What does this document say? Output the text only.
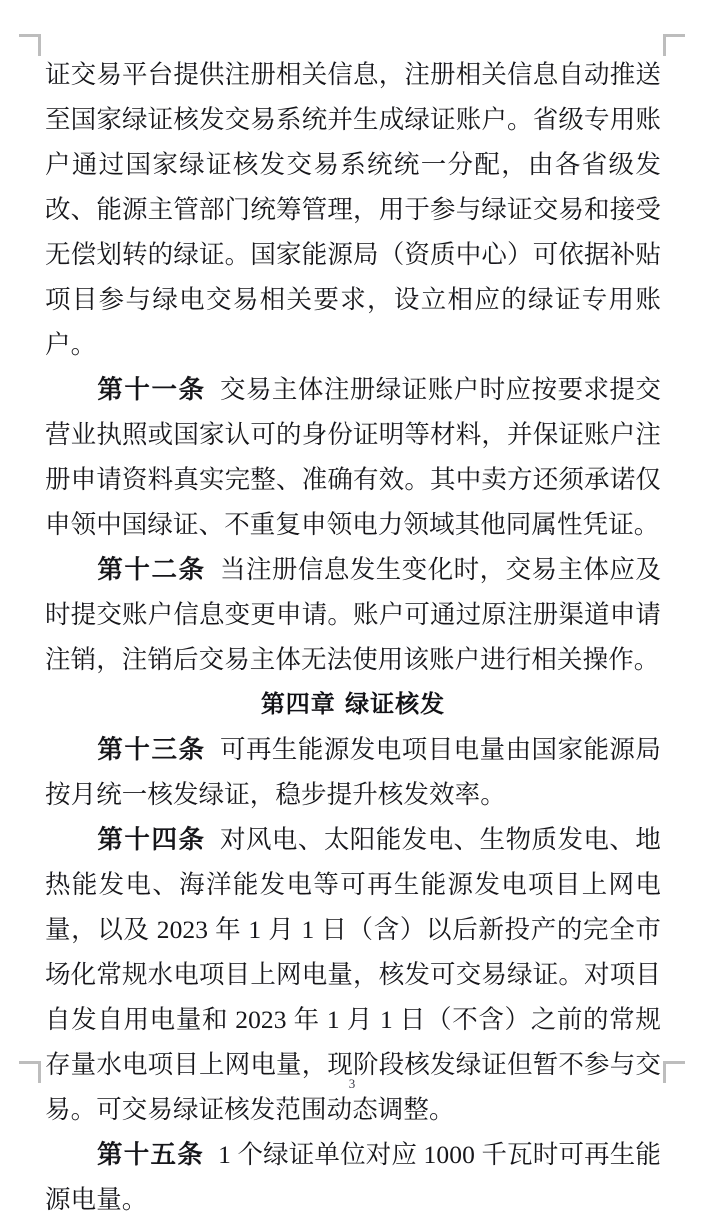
证交易平台提供注册相关信息，注册相关信息自动推送至国家绿证核发交易系统并生成绿证账户。省级专用账户通过国家绿证核发交易系统统一分配，由各省级发改、能源主管部门统筹管理，用于参与绿证交易和接受无偿划转的绿证。国家能源局（资质中心）可依据补贴项目参与绿电交易相关要求，设立相应的绿证专用账户。

第十一条 交易主体注册绿证账户时应按要求提交营业执照或国家认可的身份证明等材料，并保证账户注册申请资料真实完整、准确有效。其中卖方还须承诺仅申领中国绿证、不重复申领电力领域其他同属性凭证。

第十二条 当注册信息发生变化时，交易主体应及时提交账户信息变更申请。账户可通过原注册渠道申请注销，注销后交易主体无法使用该账户进行相关操作。

第四章 绿证核发

第十三条 可再生能源发电项目电量由国家能源局按月统一核发绿证，稳步提升核发效率。

第十四条 对风电、太阳能发电、生物质发电、地热能发电、海洋能发电等可再生能源发电项目上网电量，以及 2023 年 1 月 1 日（含）以后新投产的完全市场化常规水电项目上网电量，核发可交易绿证。对项目自发自用电量和 2023 年 1 月 1 日（不含）之前的常规存量水电项目上网电量，现阶段核发绿证但暂不参与交易。可交易绿证核发范围动态调整。

第十五条 1 个绿证单位对应 1000 千瓦时可再生能源电量。

3
